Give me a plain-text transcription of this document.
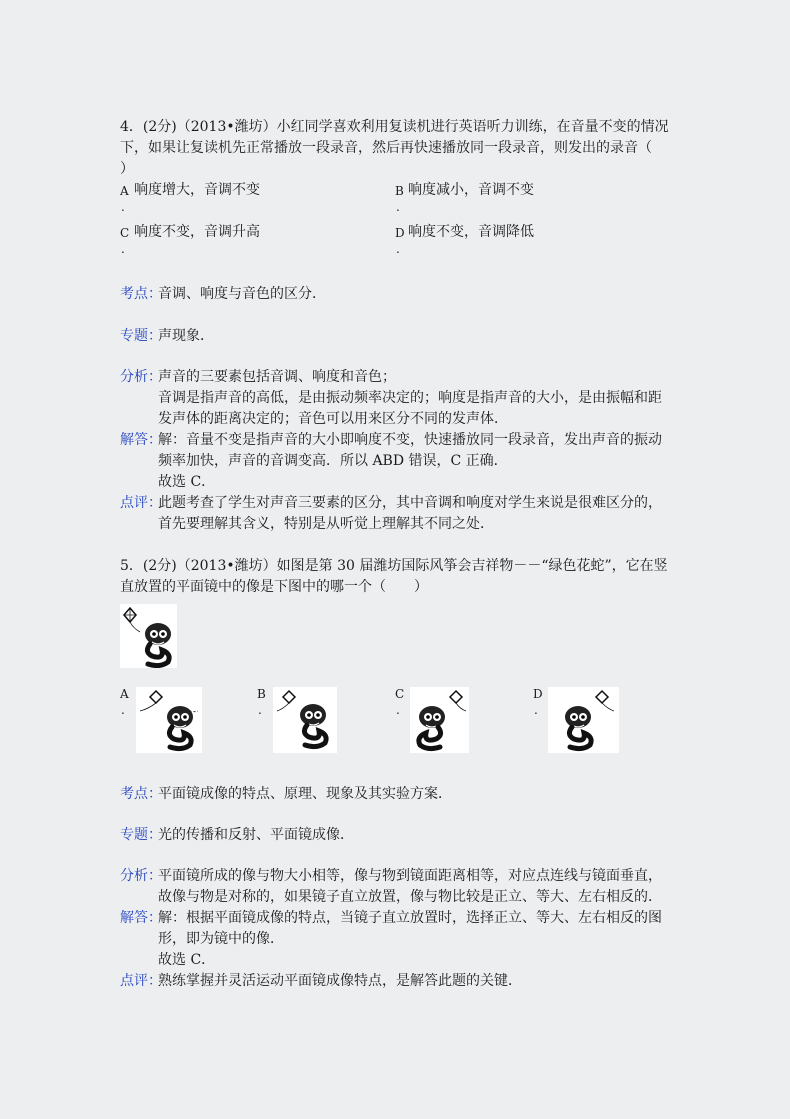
4．(2分)（2013•潍坊）小红同学喜欢利用复读机进行英语听力训练，在音量不变的情况
下，如果让复读机先正常播放一段录音，然后再快速播放同一段录音，则发出的录音（
）
A 响度增大，音调不变
.
B 响度减小，音调不变
.
C 响度不变，音调升高
.
D 响度不变，音调降低
.
考点：
音调、响度与音色的区分．
专题：
声现象．
分析：
声音的三要素包括音调、响度和音色；
音调是指声音的高低，是由振动频率决定的；响度是指声音的大小，是由振幅和距
发声体的距离决定的；音色可以用来区分不同的发声体．
解答：
解：音量不变是指声音的大小即响度不变，快速播放同一段录音，发出声音的振动
频率加快，声音的音调变高．所以 ABD 错误，C 正确．
故选 C．
点评：
此题考查了学生对声音三要素的区分，其中音调和响度对学生来说是很难区分的，
首先要理解其含义，特别是从听觉上理解其不同之处．
5．(2分)（2013•潍坊）如图是第 30 届潍坊国际风筝会吉祥物－－“绿色花蛇”，它在竖
直放置的平面镜中的像是下图中的哪一个（　　）
A
.
B
.
C
.
D
.
考点：
平面镜成像的特点、原理、现象及其实验方案．
专题：
光的传播和反射、平面镜成像．
分析：
平面镜所成的像与物大小相等，像与物到镜面距离相等，对应点连线与镜面垂直，
故像与物是对称的，如果镜子直立放置，像与物比较是正立、等大、左右相反的．
解答：
解：根据平面镜成像的特点，当镜子直立放置时，选择正立、等大、左右相反的图
形，即为镜中的像．
故选 C．
点评：
熟练掌握并灵活运动平面镜成像特点，是解答此题的关键．
